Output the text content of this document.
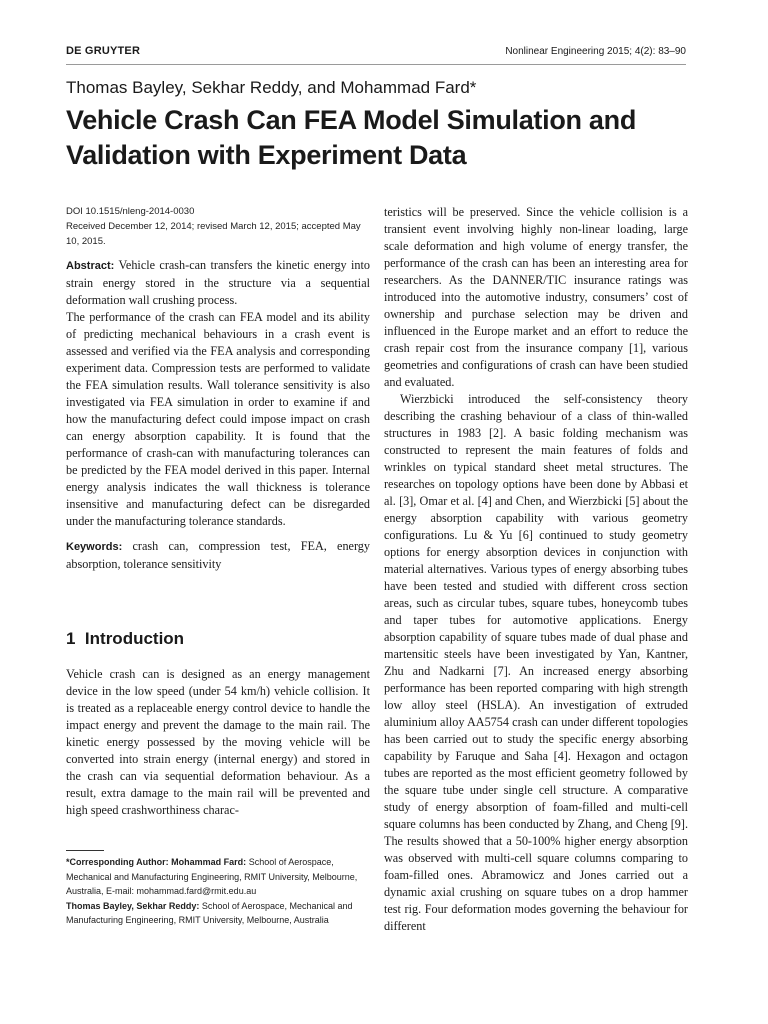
DE GRUYTER	Nonlinear Engineering 2015; 4(2): 83–90
Thomas Bayley, Sekhar Reddy, and Mohammad Fard*
Vehicle Crash Can FEA Model Simulation and Validation with Experiment Data
DOI 10.1515/nleng-2014-0030
Received December 12, 2014; revised March 12, 2015; accepted May 10, 2015.

Abstract: Vehicle crash-can transfers the kinetic energy into strain energy stored in the structure via a sequential deformation wall crushing process.

The performance of the crash can FEA model and its ability of predicting mechanical behaviours in a crash event is assessed and verified via the FEA analysis and corresponding experiment data. Compression tests are performed to validate the FEA simulation results. Wall tolerance sensitivity is also investigated via FEA simulation in order to examine if and how the manufacturing defect could impose impact on crash can energy absorption capability. It is found that the performance of crash-can with manufacturing tolerances can be predicted by the FEA model derived in this paper. Internal energy analysis indicates the wall thickness is tolerance insensitive and manufacturing defect can be disregarded under the manufacturing tolerance standards.

Keywords: crash can, compression test, FEA, energy absorption, tolerance sensitivity

1 Introduction

Vehicle crash can is designed as an energy management device in the low speed (under 54 km/h) vehicle collision. It is treated as a replaceable energy control device to handle the impact energy and prevent the damage to the main rail. The kinetic energy possessed by the moving vehicle will be converted into strain energy (internal energy) and stored in the crash can via sequential deformation behaviour. As a result, extra damage to the main rail will be prevented and high speed crashworthiness charac-

teristics will be preserved. Since the vehicle collision is a transient event involving highly non-linear loading, large scale deformation and high volume of energy transfer, the performance of the crash can has been an interesting area for researchers. As the DANNER/TIC insurance ratings was introduced into the automotive industry, consumers’ cost of ownership and purchase selection may be driven and influenced in the Europe market and an effort to reduce the crash repair cost from the insurance company [1], various geometries and configurations of crash can have been studied and evaluated.

Wierzbicki introduced the self-consistency theory describing the crashing behaviour of a class of thin-walled structures in 1983 [2]. A basic folding mechanism was constructed to represent the main features of folds and wrinkles on typical standard sheet metal structures. The researches on topology options have been done by Abbasi et al. [3], Omar et al. [4] and Chen, and Wierzbicki [5] about the energy absorption capability with various geometry configurations. Lu & Yu [6] continued to study geometry options for energy absorption devices in conjunction with material alternatives. Various types of energy absorbing tubes have been tested and studied with different cross section areas, such as circular tubes, square tubes, honeycomb tubes and taper tubes for automotive applications. Energy absorption capability of square tubes made of dual phase and martensitic steels have been investigated by Yan, Kantner, Zhu and Nadkarni [7]. An increased energy absorbing performance has been reported comparing with high strength low alloy steel (HSLA). An investigation of extruded aluminium alloy AA5754 crash can under different topologies has been carried out to study the specific energy absorbing capability by Faruque and Saha [4]. Hexagon and octagon tubes are reported as the most efficient geometry followed by the square tube under single cell structure. A comparative study of energy absorption of foam-filled and multi-cell square columns has been conducted by Zhang, and Cheng [9]. The results showed that a 50-100% higher energy absorption was observed with multi-cell square columns comparing to foam-filled ones. Abramowicz and Jones carried out a dynamic axial crushing on square tubes on a drop hammer test rig. Four deformation modes governing the behaviour for different

*Corresponding Author: Mohammad Fard: School of Aerospace, Mechanical and Manufacturing Engineering, RMIT University, Melbourne, Australia, E-mail: mohammad.fard@rmit.edu.au
Thomas Bayley, Sekhar Reddy: School of Aerospace, Mechanical and Manufacturing Engineering, RMIT University, Melbourne, Australia
